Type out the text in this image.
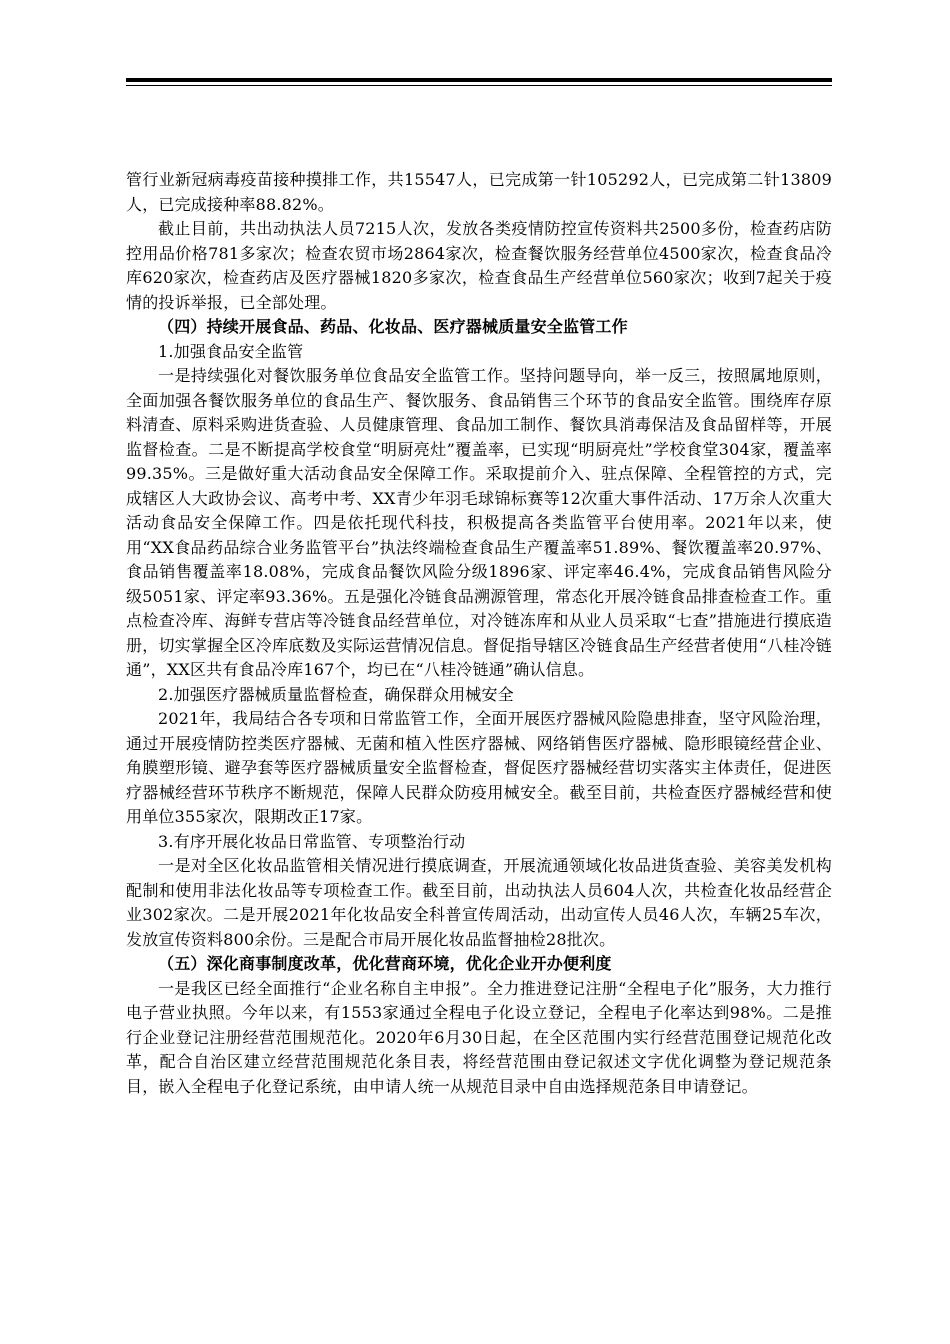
管行业新冠病毒疫苗接种摸排工作，共15547人，已完成第一针105292人，已完成第二针13809人，已完成接种率88.82%。

截止目前，共出动执法人员7215人次，发放各类疫情防控宣传资料共2500多份，检查药店防控用品价格781多家次；检查农贸市场2864家次，检查餐饮服务经营单位4500家次，检查食品冷库620家次，检查药店及医疗器械1820多家次，检查食品生产经营单位560家次；收到7起关于疫情的投诉举报，已全部处理。

（四）持续开展食品、药品、化妆品、医疗器械质量安全监管工作

1.加强食品安全监管

一是持续强化对餐饮服务单位食品安全监管工作。坚持问题导向，举一反三，按照属地原则，全面加强各餐饮服务单位的食品生产、餐饮服务、食品销售三个环节的食品安全监管。围绕库存原料清查、原料采购进货查验、人员健康管理、食品加工制作、餐饮具消毒保洁及食品留样等，开展监督检查。二是不断提高学校食堂“明厨亮灶”覆盖率，已实现“明厨亮灶”学校食堂304家，覆盖率99.35%。三是做好重大活动食品安全保障工作。采取提前介入、驻点保障、全程管控的方式，完成辖区人大政协会议、高考中考、XX青少年羽毛球锦标赛等12次重大事件活动、17万余人次重大活动食品安全保障工作。四是依托现代科技，积极提高各类监管平台使用率。2021年以来，使用“XX食品药品综合业务监管平台”执法终端检查食品生产覆盖率51.89%、餐饮覆盖率20.97%、食品销售覆盖率18.08%，完成食品餐饮风险分级1896家、评定率46.4%，完成食品销售风险分级5051家、评定率93.36%。五是强化冷链食品溯源管理，常态化开展冷链食品排查检查工作。重点检查冷库、海鲜专营店等冷链食品经营单位，对冷链冻库和从业人员采取“七查”措施进行摸底造册，切实掌握全区冷库底数及实际运营情况信息。督促指导辖区冷链食品生产经营者使用“八桂冷链通”，XX区共有食品冷库167个，均已在“八桂冷链通”确认信息。

2.加强医疗器械质量监督检查，确保群众用械安全

2021年，我局结合各专项和日常监管工作，全面开展医疗器械风险隐患排查，坚守风险治理，通过开展疫情防控类医疗器械、无菌和植入性医疗器械、网络销售医疗器械、隐形眼镜经营企业、角膜塑形镜、避孕套等医疗器械质量安全监督检查，督促医疗器械经营切实落实主体责任，促进医疗器械经营环节秩序不断规范，保障人民群众防疫用械安全。截至目前，共检查医疗器械经营和使用单位355家次，限期改正17家。

3.有序开展化妆品日常监管、专项整治行动

一是对全区化妆品监管相关情况进行摸底调查，开展流通领域化妆品进货查验、美容美发机构配制和使用非法化妆品等专项检查工作。截至目前，出动执法人员604人次，共检查化妆品经营企业302家次。二是开展2021年化妆品安全科普宣传周活动，出动宣传人员46人次，车辆25车次，发放宣传资料800余份。三是配合市局开展化妆品监督抽检28批次。

（五）深化商事制度改革，优化营商环境，优化企业开办便利度

一是我区已经全面推行“企业名称自主申报”。全力推进登记注册“全程电子化”服务，大力推行电子营业执照。今年以来，有1553家通过全程电子化设立登记，全程电子化率达到98%。二是推行企业登记注册经营范围规范化。2020年6月30日起，在全区范围内实行经营范围登记规范化改革，配合自治区建立经营范围规范化条目表，将经营范围由登记叙述文字优化调整为登记规范条目，嵌入全程电子化登记系统，由申请人统一从规范目录中自由选择规范条目申请登记。
